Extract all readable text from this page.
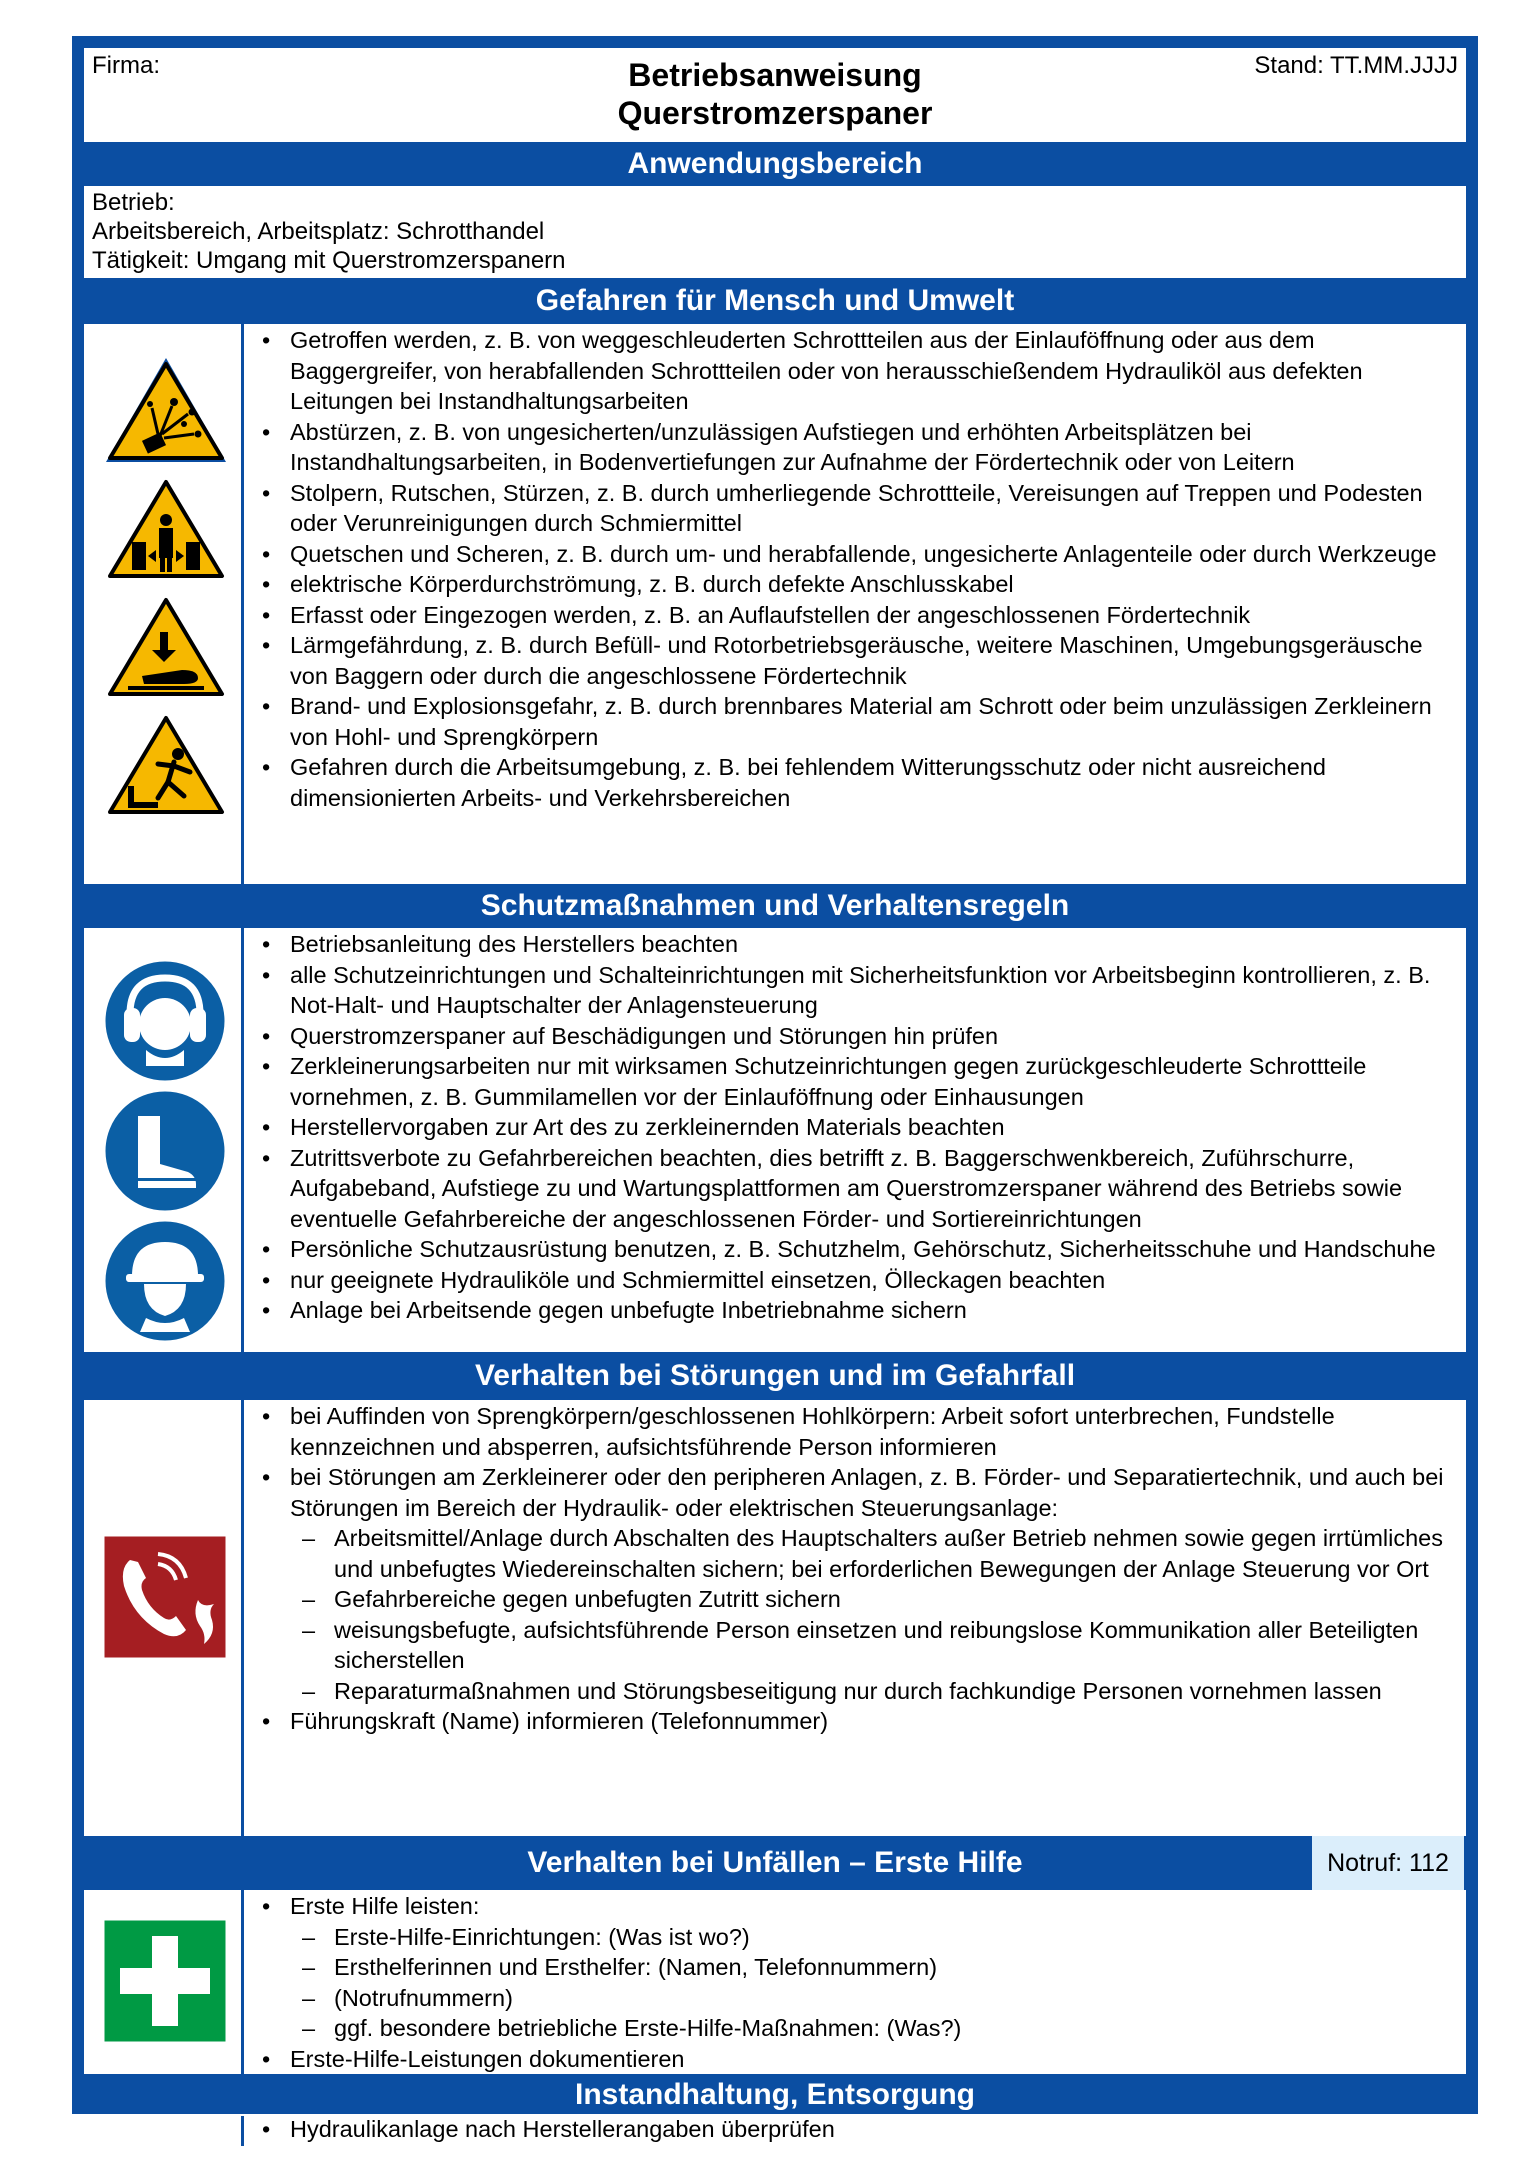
Firma:	Betriebsanweisung
Querstromzerspaner
Stand: TT.MM.JJJJ
Anwendungsbereich
Betrieb:
Arbeitsbereich, Arbeitsplatz: Schrotthandel
Tätigkeit: Umgang mit Querstromzerspanern
Gefahren für Mensch und Umwelt
• Getroffen werden, z. B. von weggeschleuderten Schrottteilen aus der Einlauföffnung oder aus dem Baggergreifer, von herabfallenden Schrottteilen oder von herausschießendem Hydrauliköl aus defekten Leitungen bei Instandhaltungsarbeiten
• Abstürzen, z. B. von ungesicherten/unzulässigen Aufstiegen und erhöhten Arbeitsplätzen bei Instandhaltungsarbeiten, in Bodenvertiefungen zur Aufnahme der Fördertechnik oder von Leitern
• Stolpern, Rutschen, Stürzen, z. B. durch umherliegende Schrottteile, Vereisungen auf Treppen und Podesten oder Verunreinigungen durch Schmiermittel
• Quetschen und Scheren, z. B. durch um- und herabfallende, ungesicherte Anlagenteile oder durch Werkzeuge
• elektrische Körperdurchströmung, z. B. durch defekte Anschlusskabel
• Erfasst oder Eingezogen werden, z. B. an Auflaufstellen der angeschlossenen Fördertechnik
• Lärmgefährdung, z. B. durch Befüll- und Rotorbetriebsgeräusche, weitere Maschinen, Umgebungsgeräusche von Baggern oder durch die angeschlossene Fördertechnik
• Brand- und Explosionsgefahr, z. B. durch brennbares Material am Schrott oder beim unzulässigen Zerkleinern von Hohl- und Sprengkörpern
• Gefahren durch die Arbeitsumgebung, z. B. bei fehlendem Witterungsschutz oder nicht ausreichend dimensionierten Arbeits- und Verkehrsbereichen
Schutzmaßnahmen und Verhaltensregeln
• Betriebsanleitung des Herstellers beachten
• alle Schutzeinrichtungen und Schalteinrichtungen mit Sicherheitsfunktion vor Arbeitsbeginn kontrollieren, z. B. Not-Halt- und Hauptschalter der Anlagensteuerung
• Querstromzerspaner auf Beschädigungen und Störungen hin prüfen
• Zerkleinerungsarbeiten nur mit wirksamen Schutzeinrichtungen gegen zurückgeschleuderte Schrottteile vornehmen, z. B. Gummilamellen vor der Einlauföffnung oder Einhausungen
• Herstellervorgaben zur Art des zu zerkleinernden Materials beachten
• Zutrittsverbote zu Gefahrbereichen beachten, dies betrifft z. B. Baggerschwenkbereich, Zuführschurre, Aufgabeband, Aufstiege zu und Wartungsplattformen am Querstromzerspaner während des Betriebs sowie eventuelle Gefahrbereiche der angeschlossenen Förder- und Sortiereinrichtungen
• Persönliche Schutzausrüstung benutzen, z. B. Schutzhelm, Gehörschutz, Sicherheitsschuhe und Handschuhe
• nur geeignete Hydrauliköle und Schmiermittel einsetzen, Ölleckagen beachten
• Anlage bei Arbeitsende gegen unbefugte Inbetriebnahme sichern
Verhalten bei Störungen und im Gefahrfall
• bei Auffinden von Sprengkörpern/geschlossenen Hohlkörpern: Arbeit sofort unterbrechen, Fundstelle kennzeichnen und absperren, aufsichtsführende Person informieren
• bei Störungen am Zerkleinerer oder den peripheren Anlagen, z. B. Förder- und Separatiertechnik, und auch bei Störungen im Bereich der Hydraulik- oder elektrischen Steuerungsanlage:
– Arbeitsmittel/Anlage durch Abschalten des Hauptschalters außer Betrieb nehmen sowie gegen irrtümliches und unbefugtes Wiedereinschalten sichern; bei erforderlichen Bewegungen der Anlage Steuerung vor Ort
– Gefahrbereiche gegen unbefugten Zutritt sichern
– weisungsbefugte, aufsichtsführende Person einsetzen und reibungslose Kommunikation aller Beteiligten sicherstellen
– Reparaturmaßnahmen und Störungsbeseitigung nur durch fachkundige Personen vornehmen lassen
• Führungskraft (Name) informieren (Telefonnummer)
Verhalten bei Unfällen – Erste Hilfe	Notruf: 112
• Erste Hilfe leisten:
– Erste-Hilfe-Einrichtungen: (Was ist wo?)
– Ersthelferinnen und Ersthelfer: (Namen, Telefonnummern)
– (Notrufnummern)
– ggf. besondere betriebliche Erste-Hilfe-Maßnahmen: (Was?)
• Erste-Hilfe-Leistungen dokumentieren
Instandhaltung, Entsorgung
• Hydraulikanlage nach Herstellerangaben überprüfen
